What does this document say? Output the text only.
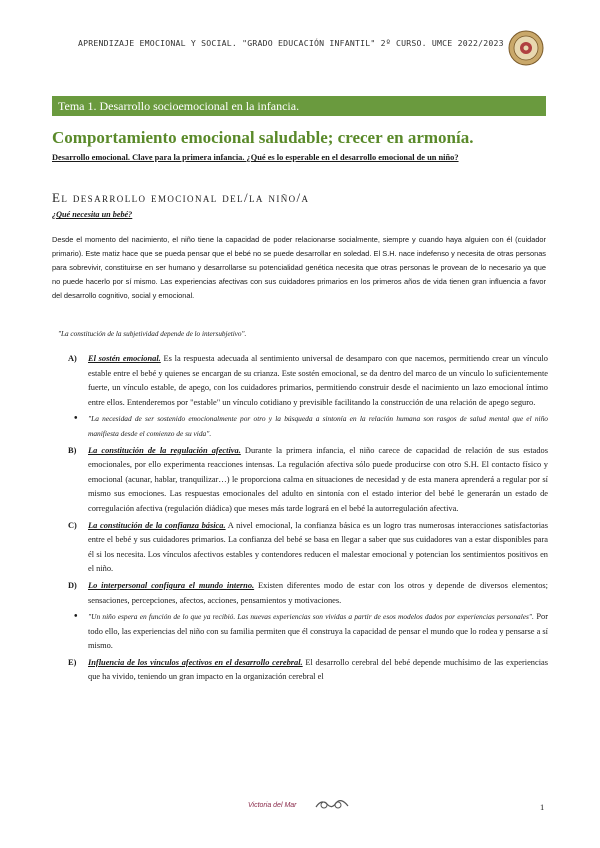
APRENDIZAJE EMOCIONAL Y SOCIAL. "GRADO EDUCACIÓN INFANTIL" 2º CURSO. UMCE 2022/2023
Tema 1. Desarrollo socioemocional en la infancia.
Comportamiento emocional saludable; crecer en armonía.
Desarrollo emocional. Clave para la primera infancia. ¿Qué es lo esperable en el desarrollo emocional de un niño?
El desarrollo emocional del/la niño/a
¿Qué necesita un bebé?
Desde el momento del nacimiento, el niño tiene la capacidad de poder relacionarse socialmente, siempre y cuando haya alguien con él (cuidador primario). Este matiz hace que se pueda pensar que el bebé no se puede desarrollar en soledad. El S.H. nace indefenso y necesita de otras personas para sobrevivir, constituirse en ser humano y desarrollarse su potencialidad genética necesita que otras personas le provean de lo necesario ya que no puede hacerlo por sí mismo. Las experiencias afectivas con sus cuidadores primarios en los primeros años de vida tienen gran influencia a favor del desarrollo cognitivo, social y emocional.
"La constitución de la subjetividad depende de lo intersubjetivo".
A) El sostén emocional. Es la respuesta adecuada al sentimiento universal de desamparo con que nacemos, permitiendo crear un vínculo estable entre el bebé y quienes se encargan de su crianza. Este sostén emocional, se da dentro del marco de un vínculo lo suficientemente fuerte, un vínculo estable, de apego, con los cuidadores primarios, permitiendo construir desde el nacimiento un lazo emocional íntimo entre ellos. Entenderemos por "estable" un vínculo cotidiano y previsible facilitando la construcción de una relación de apego seguro.
• "La necesidad de ser sostenido emocionalmente por otro y la búsqueda a sintonía en la relación humana son rasgos de salud mental que el niño manifiesta desde el comienzo de su vida".
B) La constitución de la regulación afectiva. Durante la primera infancia, el niño carece de capacidad de relación de sus estados emocionales, por ello experimenta reacciones intensas. La regulación afectiva sólo puede producirse con otro S.H. El contacto físico y emocional (acunar, hablar, tranquilizar…) le proporciona calma en situaciones de necesidad y de esta manera aprenderá a regular por sí mismo sus emociones. Las respuestas emocionales del adulto en sintonía con el estado interior del bebé le generarán un estado de corregulación afectiva (regulación diádica) que meses más tarde logrará en el bebé la autorregulación afectiva.
C) La constitución de la confianza básica. A nivel emocional, la confianza básica es un logro tras numerosas interacciones satisfactorias entre el bebé y sus cuidadores primarios. La confianza del bebé se basa en llegar a saber que sus cuidadores van a estar disponibles para él si los necesita. Los vínculos afectivos estables y contendores reducen el malestar emocional y potencian los sentimientos positivos en el niño.
D) Lo interpersonal configura el mundo interno. Existen diferentes modo de estar con los otros y depende de diversos elementos; sensaciones, percepciones, afectos, acciones, pensamientos y motivaciones.
• "Un niño espera en función de lo que ya recibió. Las nuevas experiencias son vividas a partir de esos modelos dados por experiencias personales". Por todo ello, las experiencias del niño con su familia permiten que él construya la capacidad de pensar el mundo que lo rodea y pensarse a sí mismo.
E) Influencia de los vínculos afectivos en el desarrollo cerebral. El desarrollo cerebral del bebé depende muchísimo de las experiencias que ha vivido, teniendo un gran impacto en la organización cerebral el
Victoria del Mar	1
